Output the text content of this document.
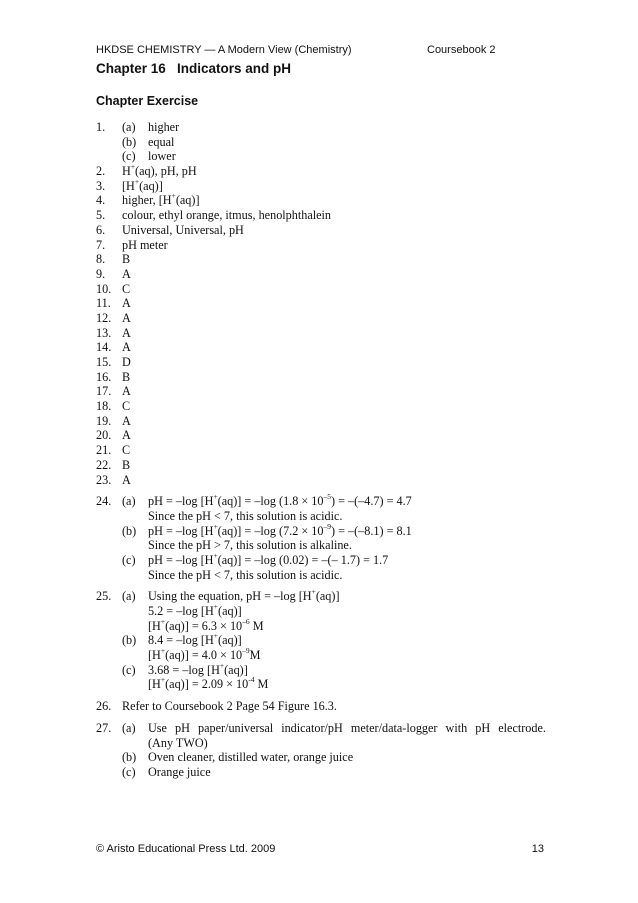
HKDSE CHEMISTRY — A Modern View (Chemistry)	Coursebook 2
Chapter 16   Indicators and pH
Chapter Exercise
1. (a) higher
(b) equal
(c) lower
2. H+(aq), pH, pH
3. [H+(aq)]
4. higher, [H+(aq)]
5. colour, ethyl orange, itmus, henolphthalein
6. Universal, Universal, pH
7. pH meter
8. B
9. A
10. C
11. A
12. A
13. A
14. A
15. D
16. B
17. A
18. C
19. A
20. A
21. C
22. B
23. A
24. (a) pH = –log [H+(aq)] = –log $(1.8 \times 10^{-5}) = -(-4.7) = 4.7$
Since the pH < 7, this solution is acidic.
(b) pH = –log [H+(aq)] = –log $(7.2 \times 10^{-9}) = -(-8.1) = 8.1$
Since the pH > 7, this solution is alkaline.
(c) pH = –log [H+(aq)] = –log (0.02) = –(– 1.7) = 1.7
Since the pH < 7, this solution is acidic.
25. (a) Using the equation, pH = –log [H+(aq)]
5.2 = –log [H+(aq)]
$[H^+(aq)] = 6.3 \times 10^{-6}$ M
(b) 8.4 = –log [H+(aq)]
$[H^+(aq)] = 4.0 \times 10^{-9}M$
(c) 3.68 = –log [H+(aq)]
$[H^+(aq)] = 2.09 \times 10^{-4}$ M
26. Refer to Coursebook 2 Page 54 Figure 16.3.
27. (a) Use pH paper/universal indicator/pH meter/data-logger with pH electrode.
(Any TWO)
(b) Oven cleaner, distilled water, orange juice
(c) Orange juice
© Aristo Educational Press Ltd. 2009	13
